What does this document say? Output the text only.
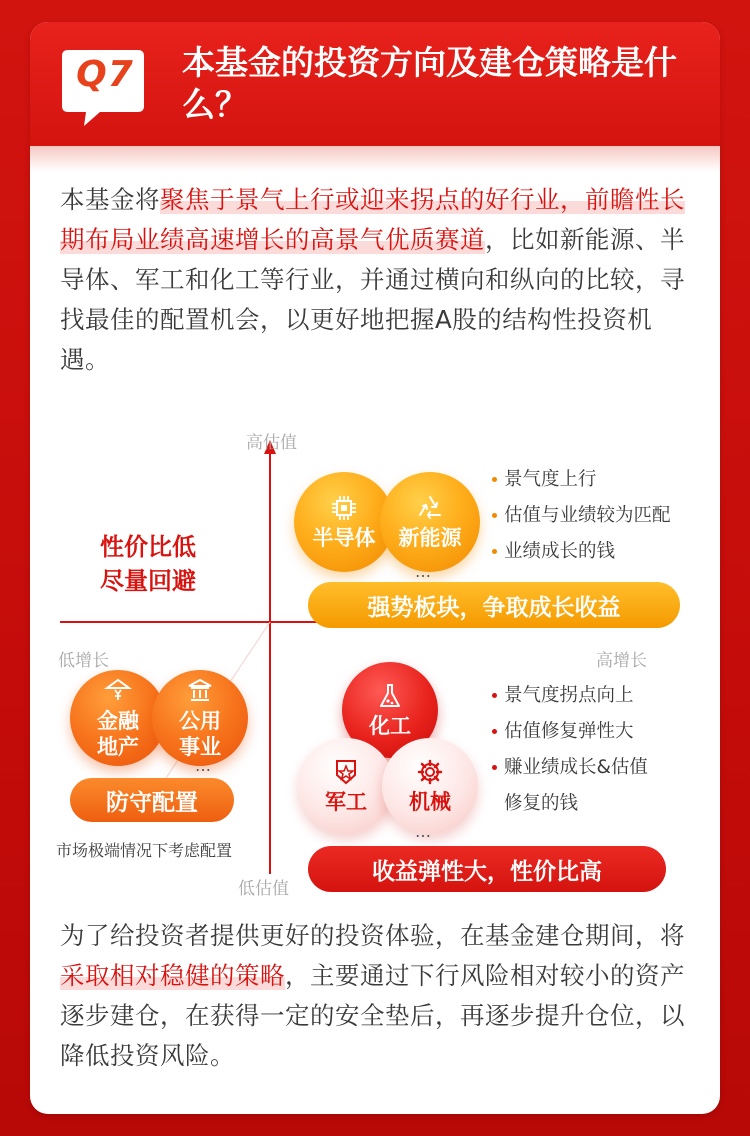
Q7	本基金的投资方向及建仓策略是什么？

本基金将聚焦于景气上行或迎来拐点的好行业，前瞻性长期布局业绩高速增长的高景气优质赛道，比如新能源、半导体、军工和化工等行业，并通过横向和纵向的比较，寻找最佳的配置机会，以更好地把握A股的结构性投资机遇。

高估值
低估值
低增长	高增长
性价比低
尽量回避
半导体 新能源
…
强势板块，争取成长收益
景气度上行
估值与业绩较为匹配
业绩成长的钱
金融
地产
公用
事业
…
防守配置
市场极端情况下考虑配置
化工
军工 机械
…
收益弹性大，性价比高
景气度拐点向上
估值修复弹性大
赚业绩成长&估值
修复的钱

为了给投资者提供更好的投资体验，在基金建仓期间，将采取相对稳健的策略，主要通过下行风险相对较小的资产逐步建仓，在获得一定的安全垫后，再逐步提升仓位，以降低投资风险。
